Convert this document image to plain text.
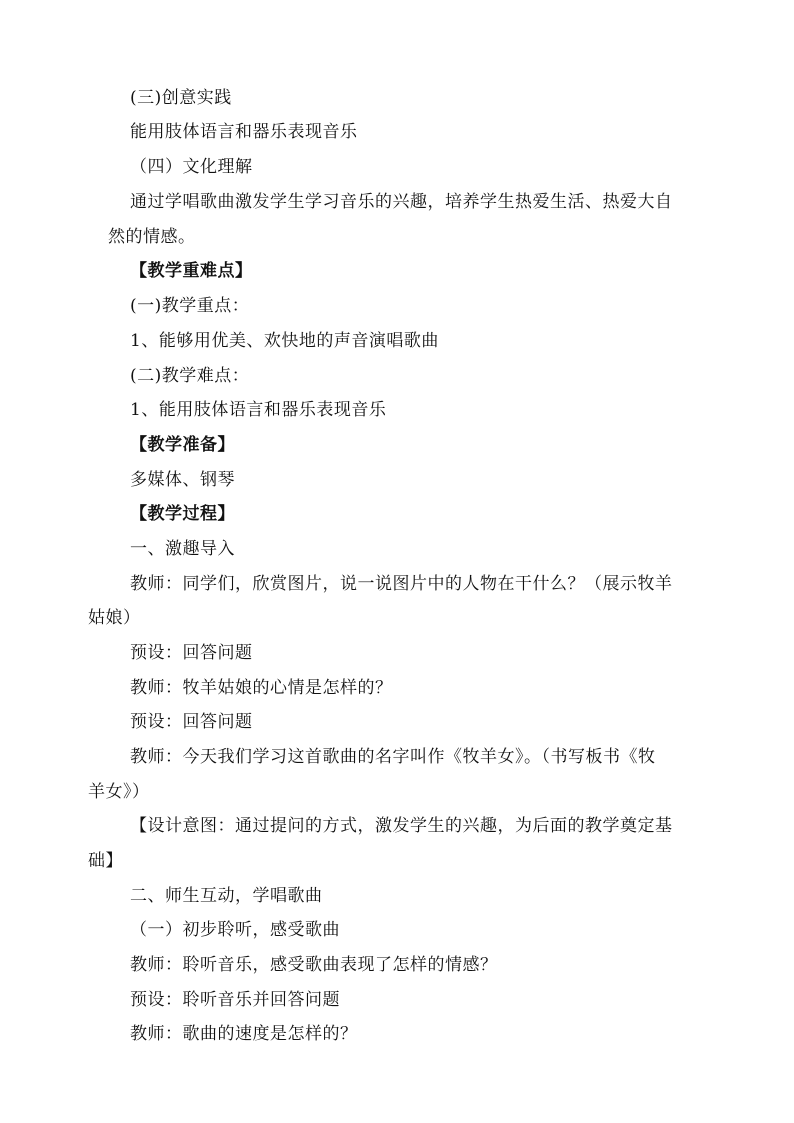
(三)创意实践
能用肢体语言和器乐表现音乐
（四）文化理解
通过学唱歌曲激发学生学习音乐的兴趣，培养学生热爱生活、热爱大自
然的情感。
【教学重难点】
(一)教学重点：
1、能够用优美、欢快地的声音演唱歌曲
(二)教学难点：
1、能用肢体语言和器乐表现音乐
【教学准备】
多媒体、钢琴
【教学过程】
一、激趣导入
教师：同学们，欣赏图片，说一说图片中的人物在干什么？（展示牧羊
姑娘）
预设：回答问题
教师：牧羊姑娘的心情是怎样的？
预设：回答问题
教师：今天我们学习这首歌曲的名字叫作《牧羊女》。（书写板书《牧
羊女》）
【设计意图：通过提问的方式，激发学生的兴趣，为后面的教学奠定基
础】
二、师生互动，学唱歌曲
（一）初步聆听，感受歌曲
教师：聆听音乐，感受歌曲表现了怎样的情感？
预设：聆听音乐并回答问题
教师：歌曲的速度是怎样的？
